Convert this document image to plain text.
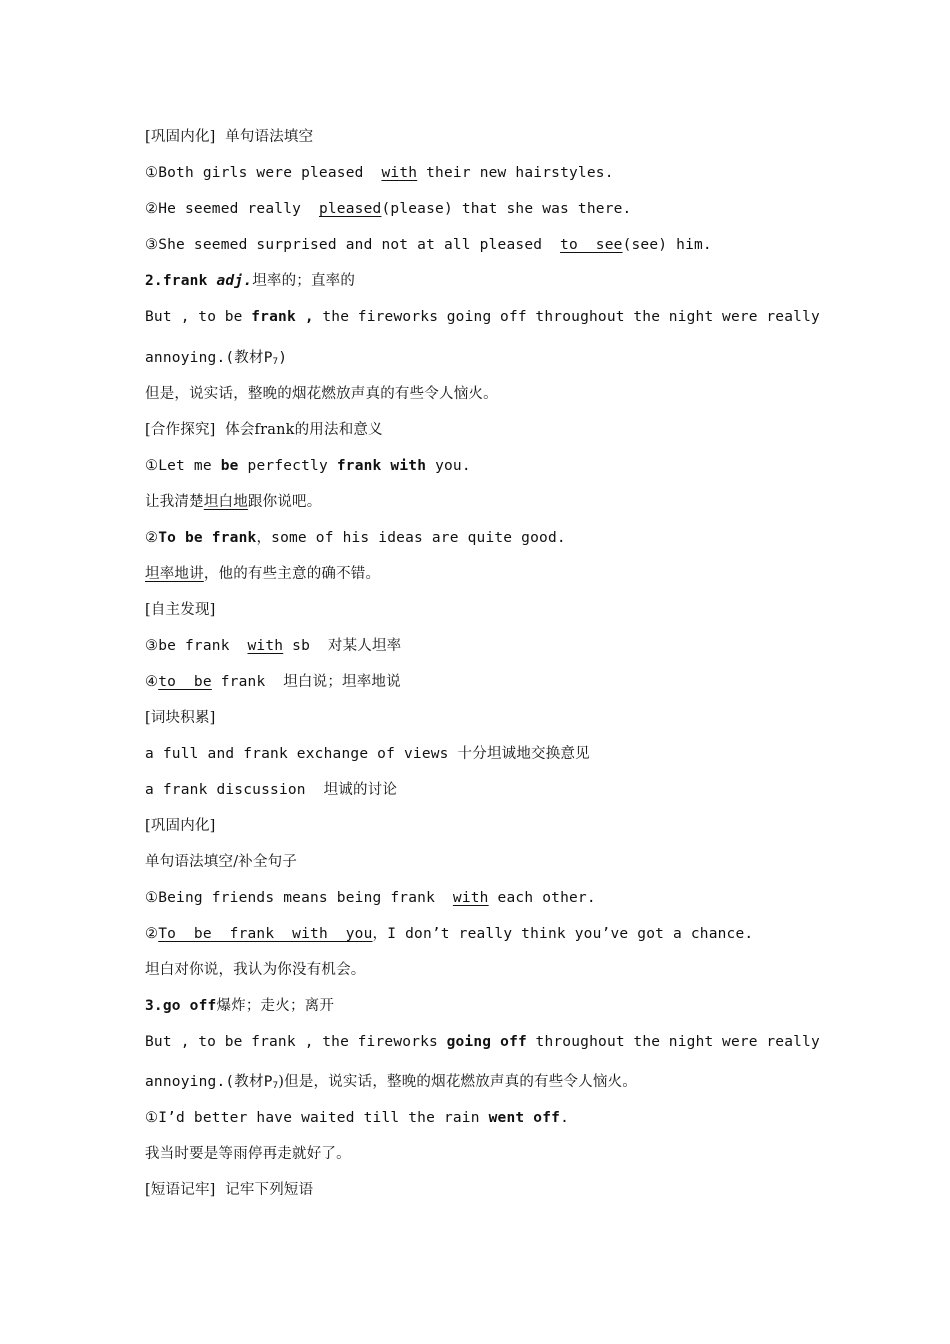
[巩固内化]  单句语法填空
①Both girls were pleased  with their new hairstyles.
②He seemed really  pleased(please) that she was there.
③She seemed surprised and not at all pleased  to  see(see) him.
2.frank adj.坦率的；直率的
But , to be frank , the fireworks going off throughout the night were really
annoying.(教材$P_7$)
但是，说实话，整晚的烟花燃放声真的有些令人恼火。
[合作探究]  体会frank的用法和意义
①Let me be perfectly frank with you.
让我清楚坦白地跟你说吧。
②To be frank，some of his ideas are quite good.
坦率地讲，他的有些主意的确不错。
[自主发现]
③be frank  with sb  对某人坦率
④to  be frank  坦白说；坦率地说
[词块积累]
a full and frank exchange of views 十分坦诚地交换意见
a frank discussion  坦诚的讨论
[巩固内化]
单句语法填空/补全句子
①Being friends means being frank  with each other.
②To  be  frank  with  you，I don’t really think you’ve got a chance.
坦白对你说，我认为你没有机会。
3.go off爆炸；走火；离开
But , to be frank , the fireworks going off throughout the night were really
annoying.(教材$P_7$)但是，说实话，整晚的烟花燃放声真的有些令人恼火。
①I’d better have waited till the rain went off.
我当时要是等雨停再走就好了。
[短语记牢]  记牢下列短语
